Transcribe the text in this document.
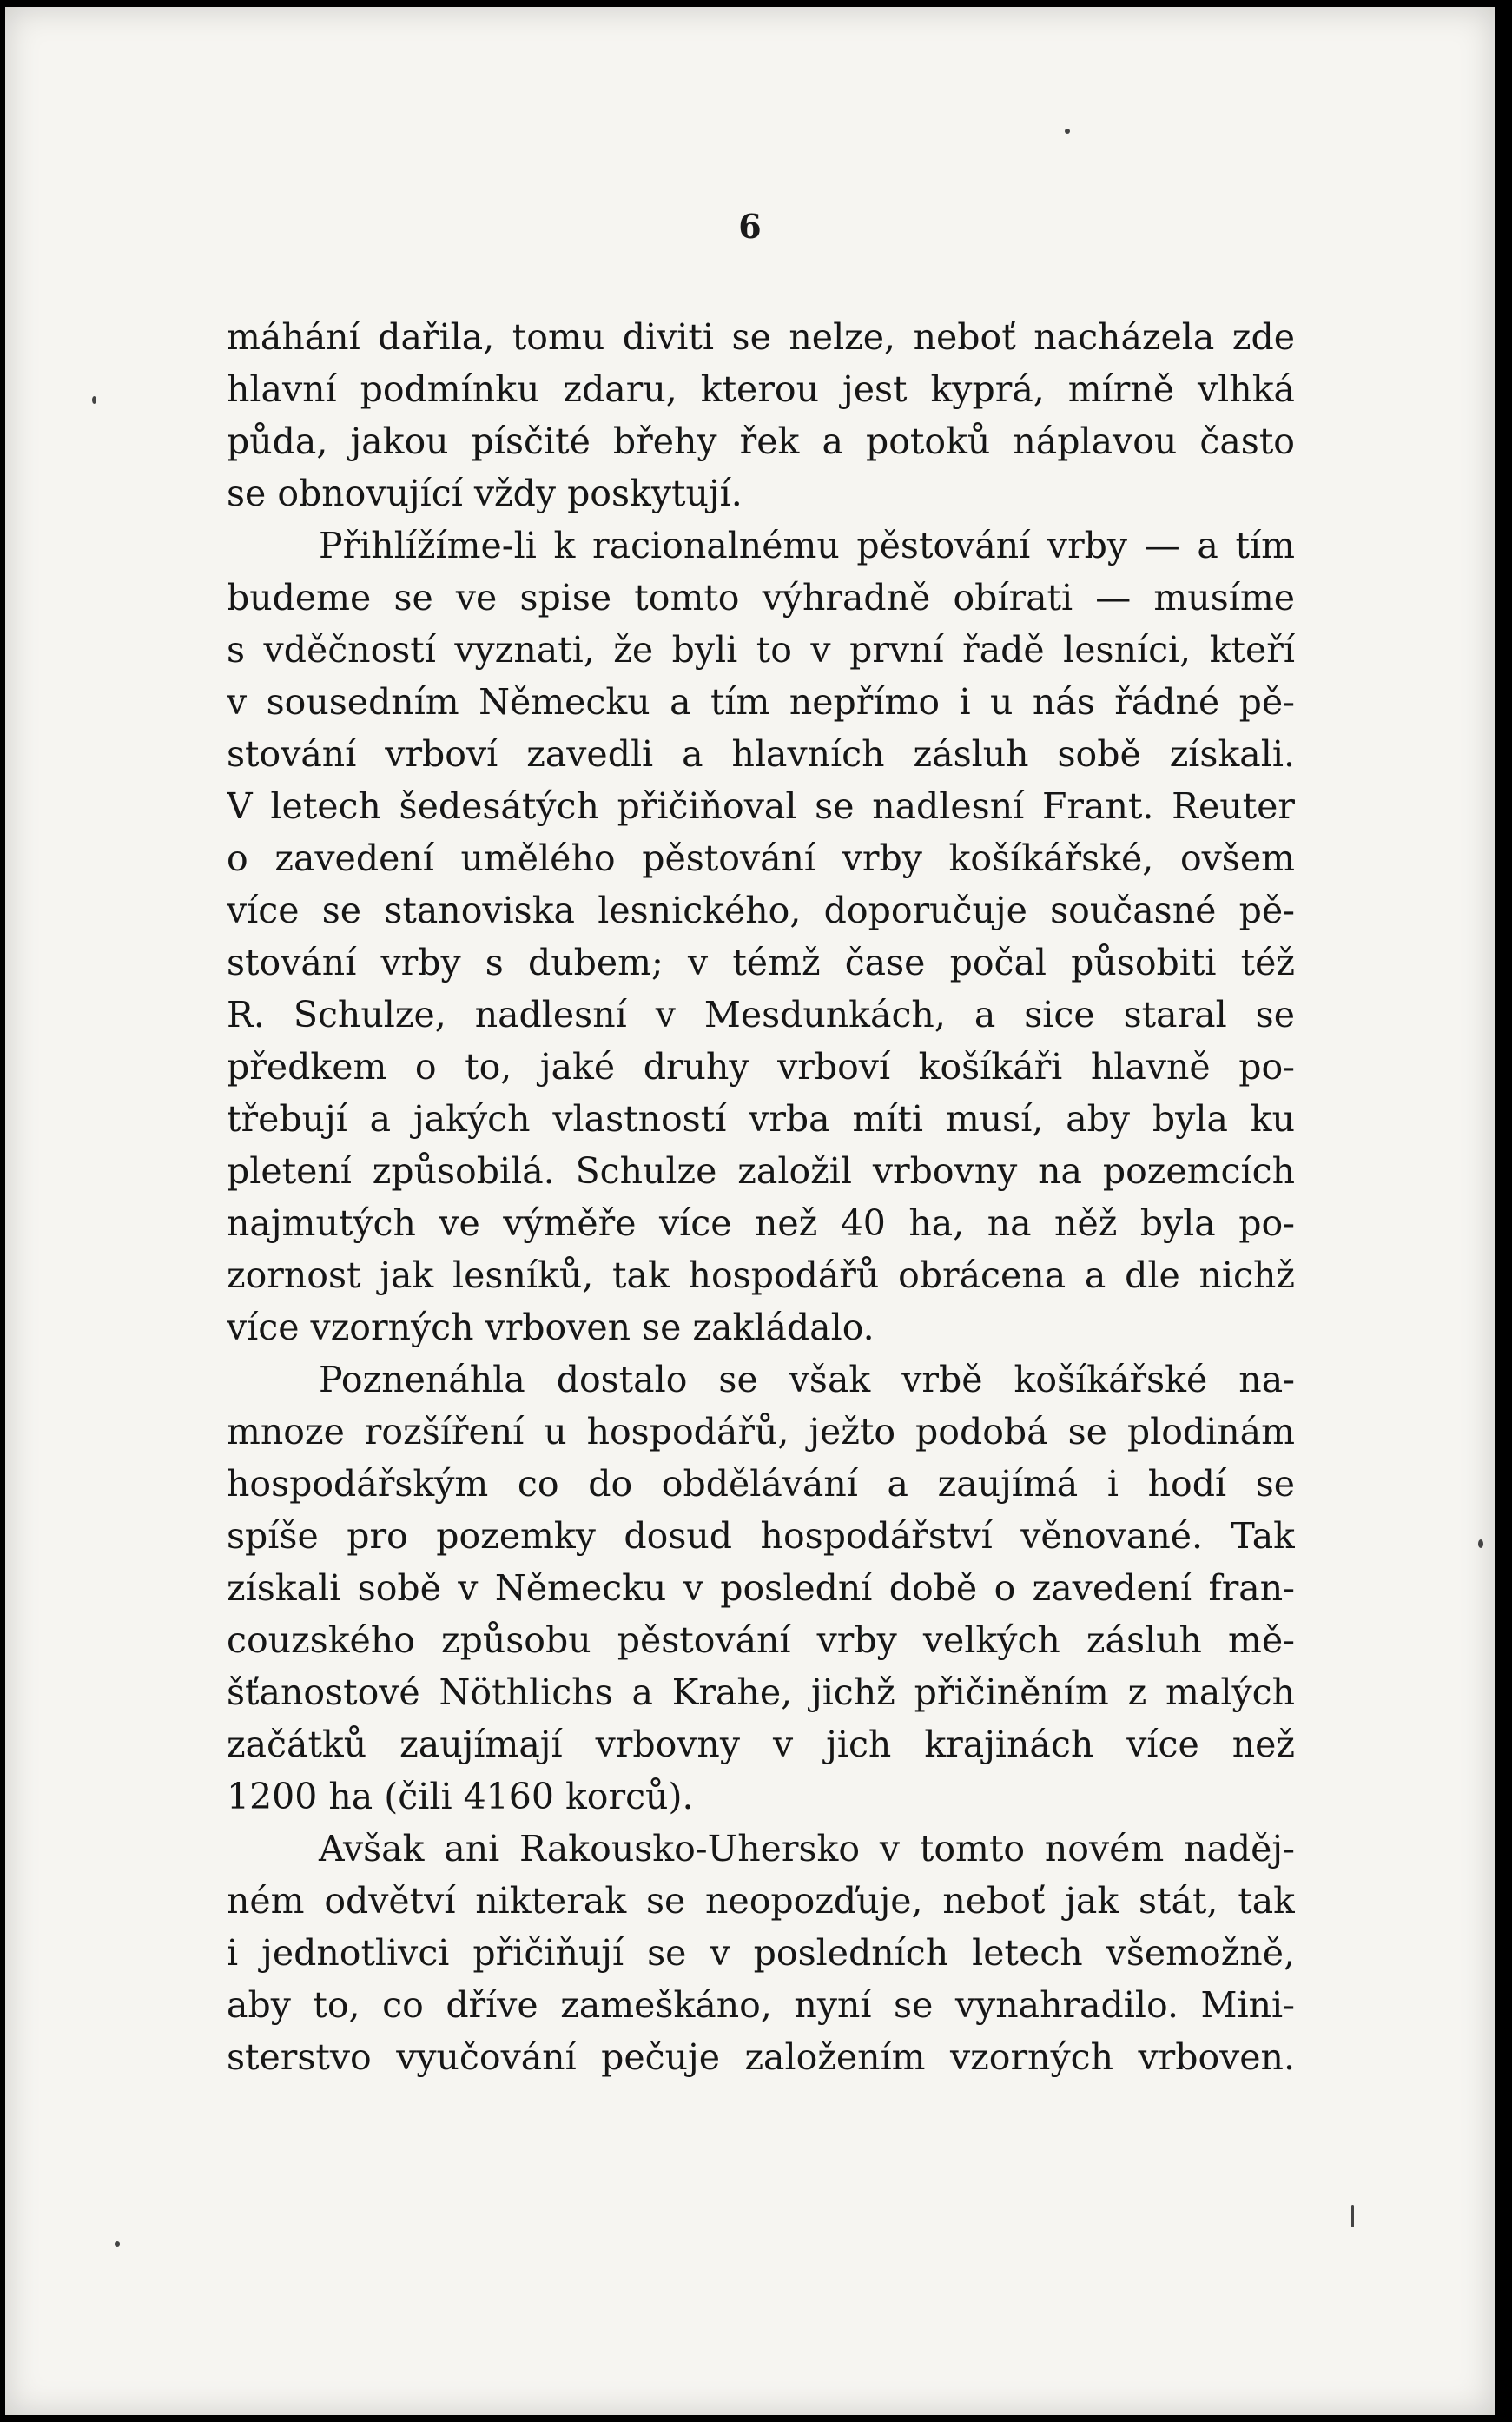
6
máhání dařila, tomu diviti se nelze, neboť nacházela zde
hlavní podmínku zdaru, kterou jest kyprá, mírně vlhká
půda, jakou písčité břehy řek a potoků náplavou často
se obnovující vždy poskytují.
Přihlížíme-li k racionalnému pěstování vrby — a tím
budeme se ve spise tomto výhradně obírati — musíme
s vděčností vyznati, že byli to v první řadě lesníci, kteří
v sousedním Německu a tím nepřímo i u nás řádné pě-
stování vrboví zavedli a hlavních zásluh sobě získali.
V letech šedesátých přičiňoval se nadlesní Frant. Reuter
o zavedení umělého pěstování vrby košíkářské, ovšem
více se stanoviska lesnického, doporučuje současné pě-
stování vrby s dubem; v témž čase počal působiti též
R. Schulze, nadlesní v Mesdunkách, a sice staral se
předkem o to, jaké druhy vrboví košíkáři hlavně po-
třebují a jakých vlastností vrba míti musí, aby byla ku
pletení způsobilá. Schulze založil vrbovny na pozemcích
najmutých ve výměře více než 40 ha, na něž byla po-
zornost jak lesníků, tak hospodářů obrácena a dle nichž
více vzorných vrboven se zakládalo.
Poznenáhla dostalo se však vrbě košíkářské na-
mnoze rozšíření u hospodářů, ježto podobá se plodinám
hospodářským co do obdělávání a zaujímá i hodí se
spíše pro pozemky dosud hospodářství věnované. Tak
získali sobě v Německu v poslední době o zavedení fran-
couzského způsobu pěstování vrby velkých zásluh mě-
šťanostové Nöthlichs a Krahe, jichž přičiněním z malých
začátků zaujímají vrbovny v jich krajinách více než
1200 ha (čili 4160 korců).
Avšak ani Rakousko-Uhersko v tomto novém naděj-
ném odvětví nikterak se neopozďuje, neboť jak stát, tak
i jednotlivci přičiňují se v posledních letech všemožně,
aby to, co dříve zameškáno, nyní se vynahradilo. Mini-
sterstvo vyučování pečuje založením vzorných vrboven.
